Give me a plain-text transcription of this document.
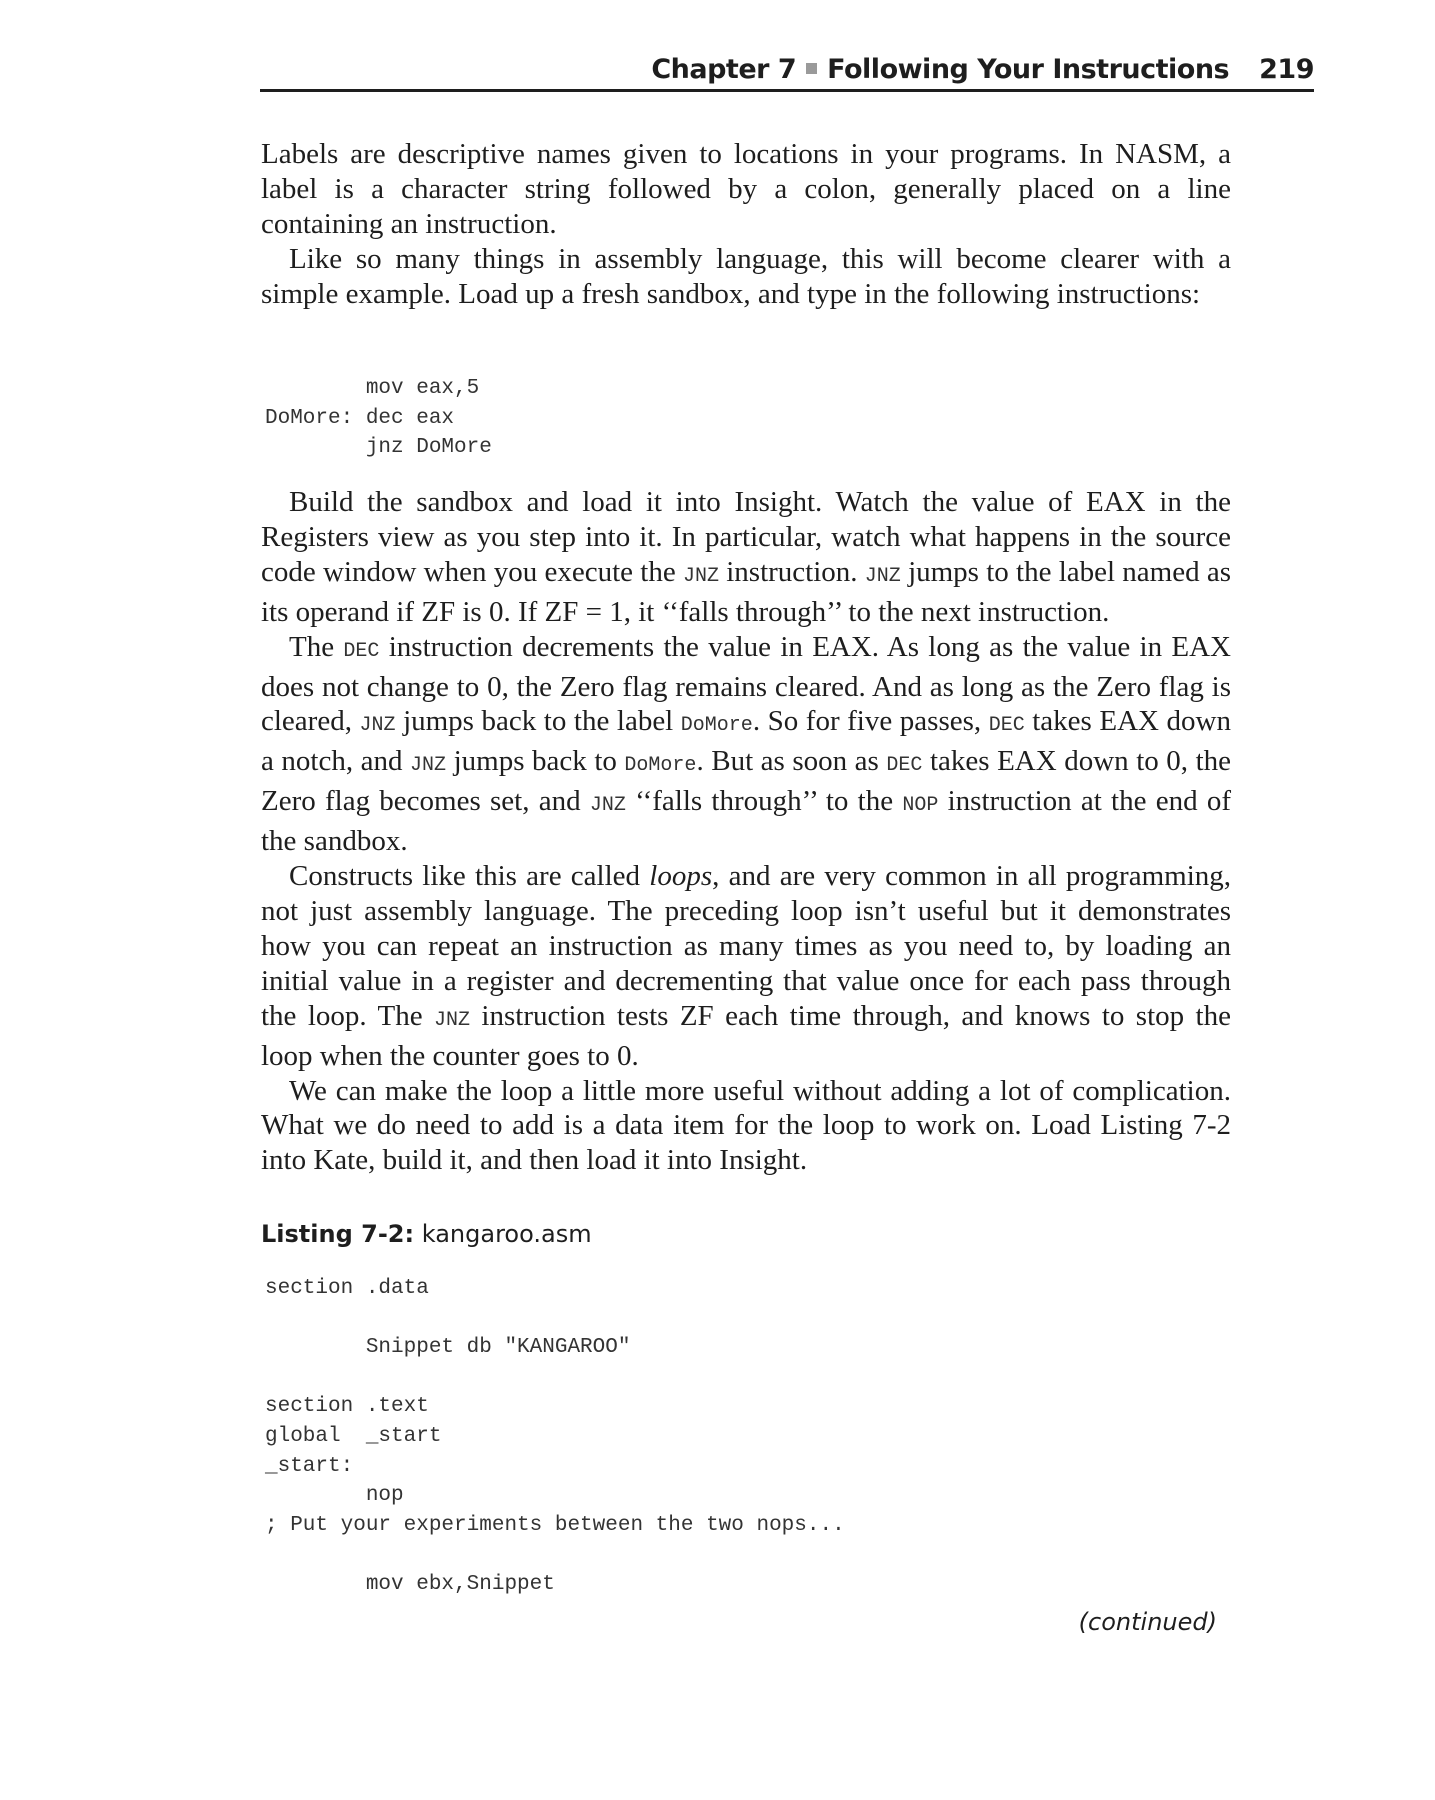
Chapter 7 Following Your Instructions 219

Labels are descriptive names given to locations in your programs. In NASM, a label is a character string followed by a colon, generally placed on a line containing an instruction.

Like so many things in assembly language, this will become clearer with a simple example. Load up a fresh sandbox, and type in the following instructions:

mov eax,5
DoMore: dec eax
jnz DoMore

Build the sandbox and load it into Insight. Watch the value of EAX in the Registers view as you step into it. In particular, watch what happens in the source code window when you execute the JNZ instruction. JNZ jumps to the label named as its operand if ZF is 0. If ZF = 1, it ‘‘falls through’’ to the next instruction.

The DEC instruction decrements the value in EAX. As long as the value in EAX does not change to 0, the Zero flag remains cleared. And as long as the Zero flag is cleared, JNZ jumps back to the label DoMore. So for five passes, DEC takes EAX down a notch, and JNZ jumps back to DoMore. But as soon as DEC takes EAX down to 0, the Zero flag becomes set, and JNZ ‘‘falls through’’ to the NOP instruction at the end of the sandbox.

Constructs like this are called loops, and are very common in all programming, not just assembly language. The preceding loop isn’t useful but it demonstrates how you can repeat an instruction as many times as you need to, by loading an initial value in a register and decrementing that value once for each pass through the loop. The JNZ instruction tests ZF each time through, and knows to stop the loop when the counter goes to 0.

We can make the loop a little more useful without adding a lot of complication. What we do need to add is a data item for the loop to work on. Load Listing 7-2 into Kate, build it, and then load it into Insight.

Listing 7-2: kangaroo.asm
section .data
Snippet db "KANGAROO"
section .text
global  _start
_start:
nop
; Put your experiments between the two nops...
mov ebx,Snippet
(continued)
